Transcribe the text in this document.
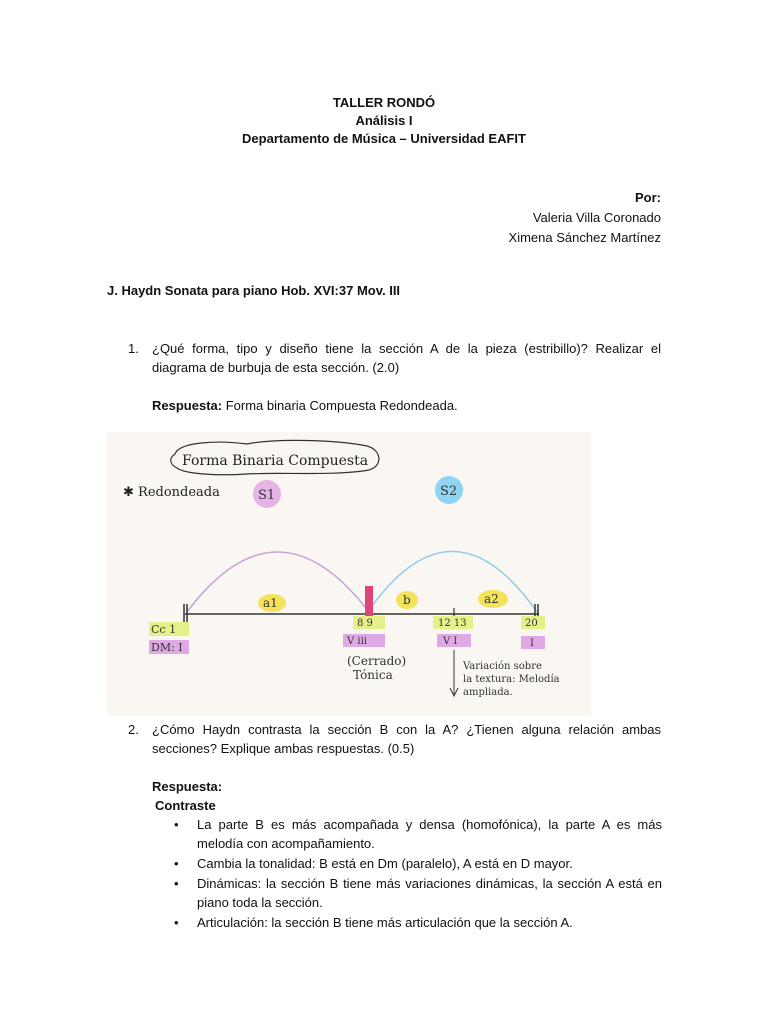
TALLER RONDÓ
Análisis I
Departamento de Música – Universidad EAFIT
Por:
Valeria Villa Coronado
Ximena Sánchez Martínez
J. Haydn Sonata para piano Hob. XVI:37 Mov. III
1. ¿Qué forma, tipo y diseño tiene la sección A de la pieza (estribillo)? Realizar el diagrama de burbuja de esta sección. (2.0)
Respuesta: Forma binaria Compuesta Redondeada.
Forma Binaria Compuesta
✱ Redondeada	S1	S2
a1	b	a2
Cc 1
DM: I
8 9
V iii
(Cerrado)
Tónica
12 13
V I
20
I
Variación sobre
la textura: Melodía
ampliada.
2. ¿Cómo Haydn contrasta la sección B con la A? ¿Tienen alguna relación ambas secciones? Explique ambas respuestas. (0.5)
Respuesta:
Contraste
• La parte B es más acompañada y densa (homofónica), la parte A es más melodía con acompañamiento.
• Cambia la tonalidad: B está en Dm (paralelo), A está en D mayor.
• Dinámicas: la sección B tiene más variaciones dinámicas, la sección A está en piano toda la sección.
• Articulación: la sección B tiene más articulación que la sección A.
